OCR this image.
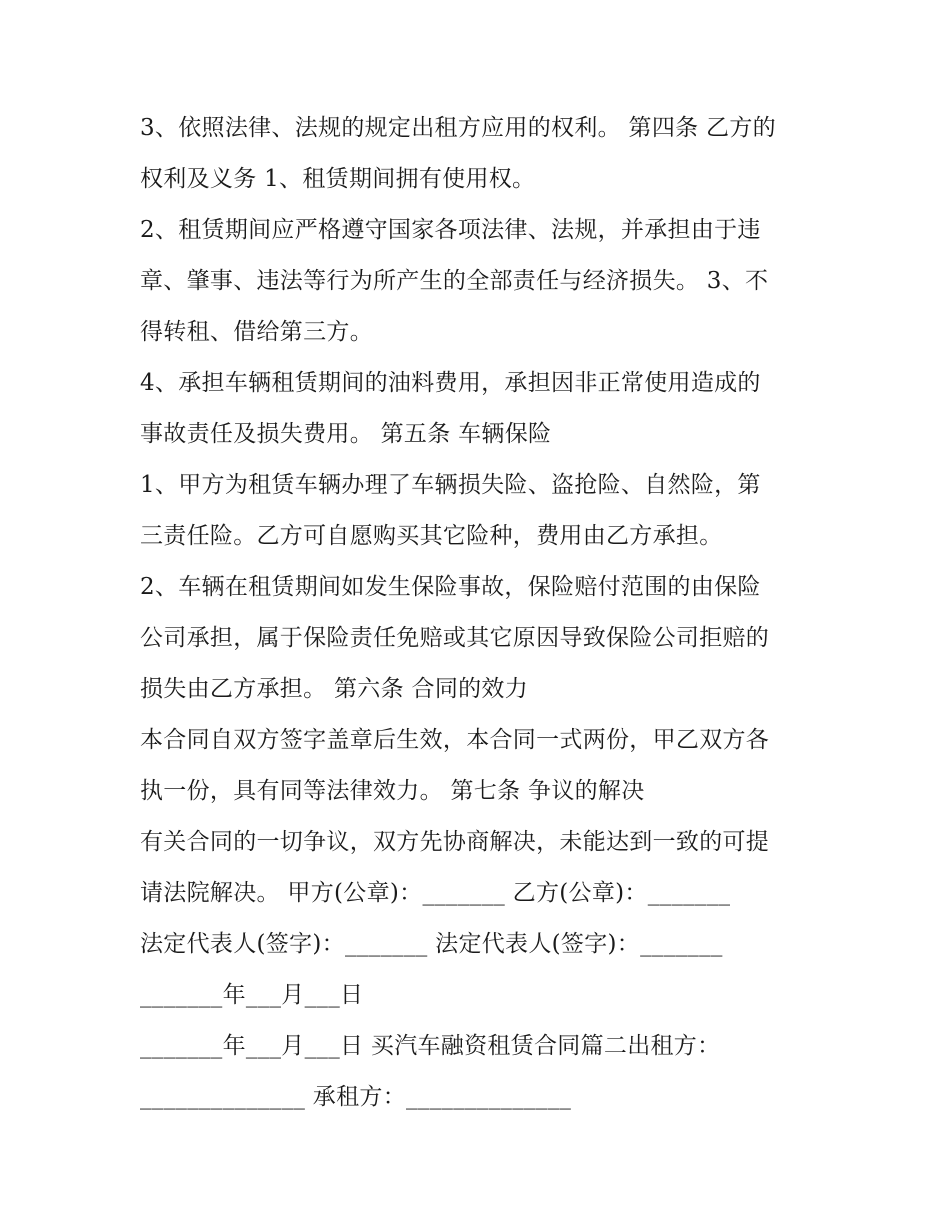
3、依照法律、法规的规定出租方应用的权利。 第四条 乙方的
权利及义务 1、租赁期间拥有使用权。
2、租赁期间应严格遵守国家各项法律、法规，并承担由于违
章、肇事、违法等行为所产生的全部责任与经济损失。 3、不
得转租、借给第三方。
4、承担车辆租赁期间的油料费用，承担因非正常使用造成的
事故责任及损失费用。 第五条 车辆保险
1、甲方为租赁车辆办理了车辆损失险、盗抢险、自然险，第
三责任险。乙方可自愿购买其它险种，费用由乙方承担。
2、车辆在租赁期间如发生保险事故，保险赔付范围的由保险
公司承担，属于保险责任免赔或其它原因导致保险公司拒赔的
损失由乙方承担。 第六条 合同的效力
本合同自双方签字盖章后生效，本合同一式两份，甲乙双方各
执一份，具有同等法律效力。 第七条 争议的解决
有关合同的一切争议，双方先协商解决，未能达到一致的可提
请法院解决。 甲方(公章)：_______ 乙方(公章)：_______
法定代表人(签字)：_______ 法定代表人(签字)：_______
_______年___月___日
_______年___月___日 买汽车融资租赁合同篇二出租方：
______________ 承租方：______________
